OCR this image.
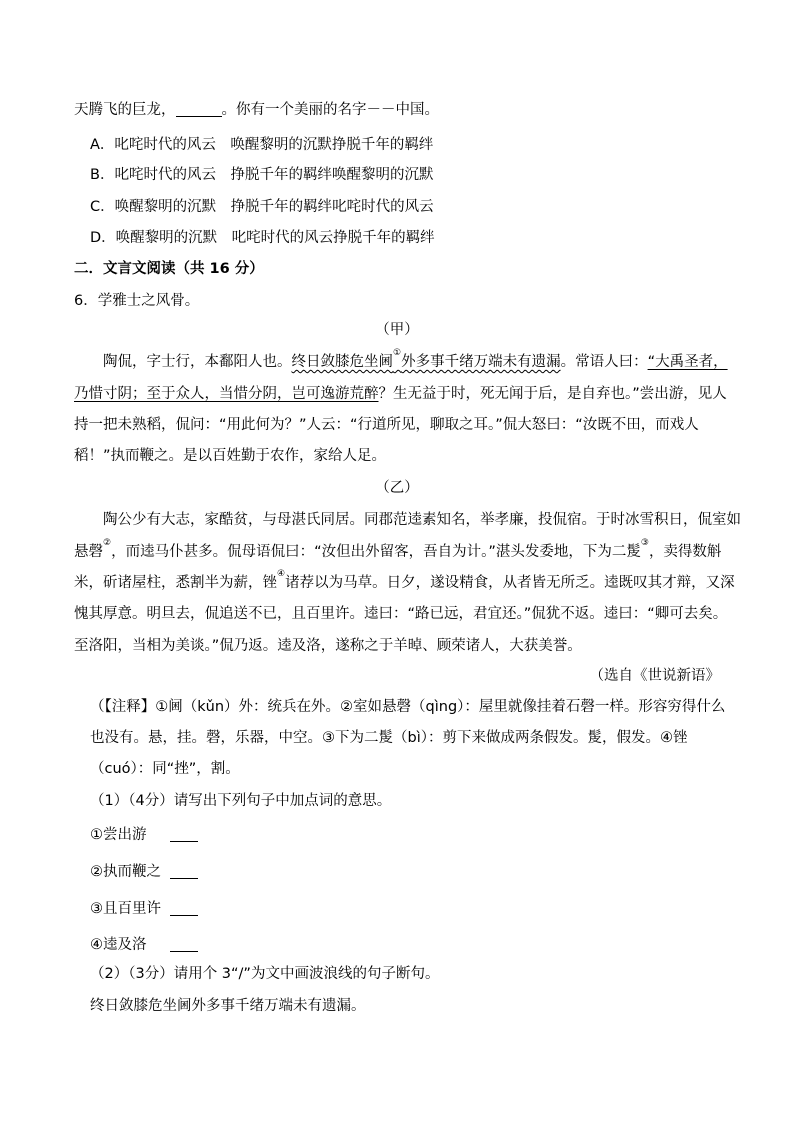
天腾飞的巨龙，	。你有一个美丽的名字－－中国。
A．叱咤时代的风云　唤醒黎明的沉默挣脱千年的羁绊
B．叱咤时代的风云　挣脱千年的羁绊唤醒黎明的沉默
C．唤醒黎明的沉默　挣脱千年的羁绊叱咤时代的风云
D．唤醒黎明的沉默　叱咤时代的风云挣脱千年的羁绊
二．文言文阅读（共 16 分）
6．学雅士之风骨。
（甲）
陶侃，字士行，本鄱阳人也。终日敛膝危坐阃①外多事千绪万端未有遗漏。常语人曰：“大禹圣者，
乃惜寸阴；至于众人，当惜分阴，岂可逸游荒醉？生无益于时，死无闻于后，是自弃也。”尝出游，见人
持一把未熟稻，侃问：“用此何为？”人云：“行道所见，聊取之耳。”侃大怒曰：“汝既不田，而戏人
稻！”执而鞭之。是以百姓勤于农作，家给人足。
（乙）
陶公少有大志，家酷贫，与母湛氏同居。同郡范逵素知名，举孝廉，投侃宿。于时冰雪积日，侃室如
悬磬②，而逵马仆甚多。侃母语侃曰：“汝但出外留客，吾自为计。”湛头发委地，下为二髲③，卖得数斛
米，斫诸屋柱，悉割半为薪，锉④诸荐以为马草。日夕，遂设精食，从者皆无所乏。逵既叹其才辩，又深
愧其厚意。明旦去，侃追送不已，且百里许。逵曰：“路已远，君宜还。”侃犹不返。逵曰：“卿可去矣。
至洛阳，当相为美谈。”侃乃返。逵及洛，遂称之于羊晫、顾荣诸人，大获美誉。
（选自《世说新语》
（【注释】①阃（kǔn）外：统兵在外。②室如悬磬（qìng）：屋里就像挂着石磬一样。形容穷得什么
也没有。悬，挂。磬，乐器，中空。③下为二髲（bì）：剪下来做成两条假发。髲，假发。④锉
（cuó）：同“挫”，割。
（1）（4分）请写出下列句子中加点词的意思。
①尝出游
②执而鞭之
③且百里许
④逵及洛
（2）（3分）请用个 3“/”为文中画波浪线的句子断句。
终日敛膝危坐阃外多事千绪万端未有遗漏。
